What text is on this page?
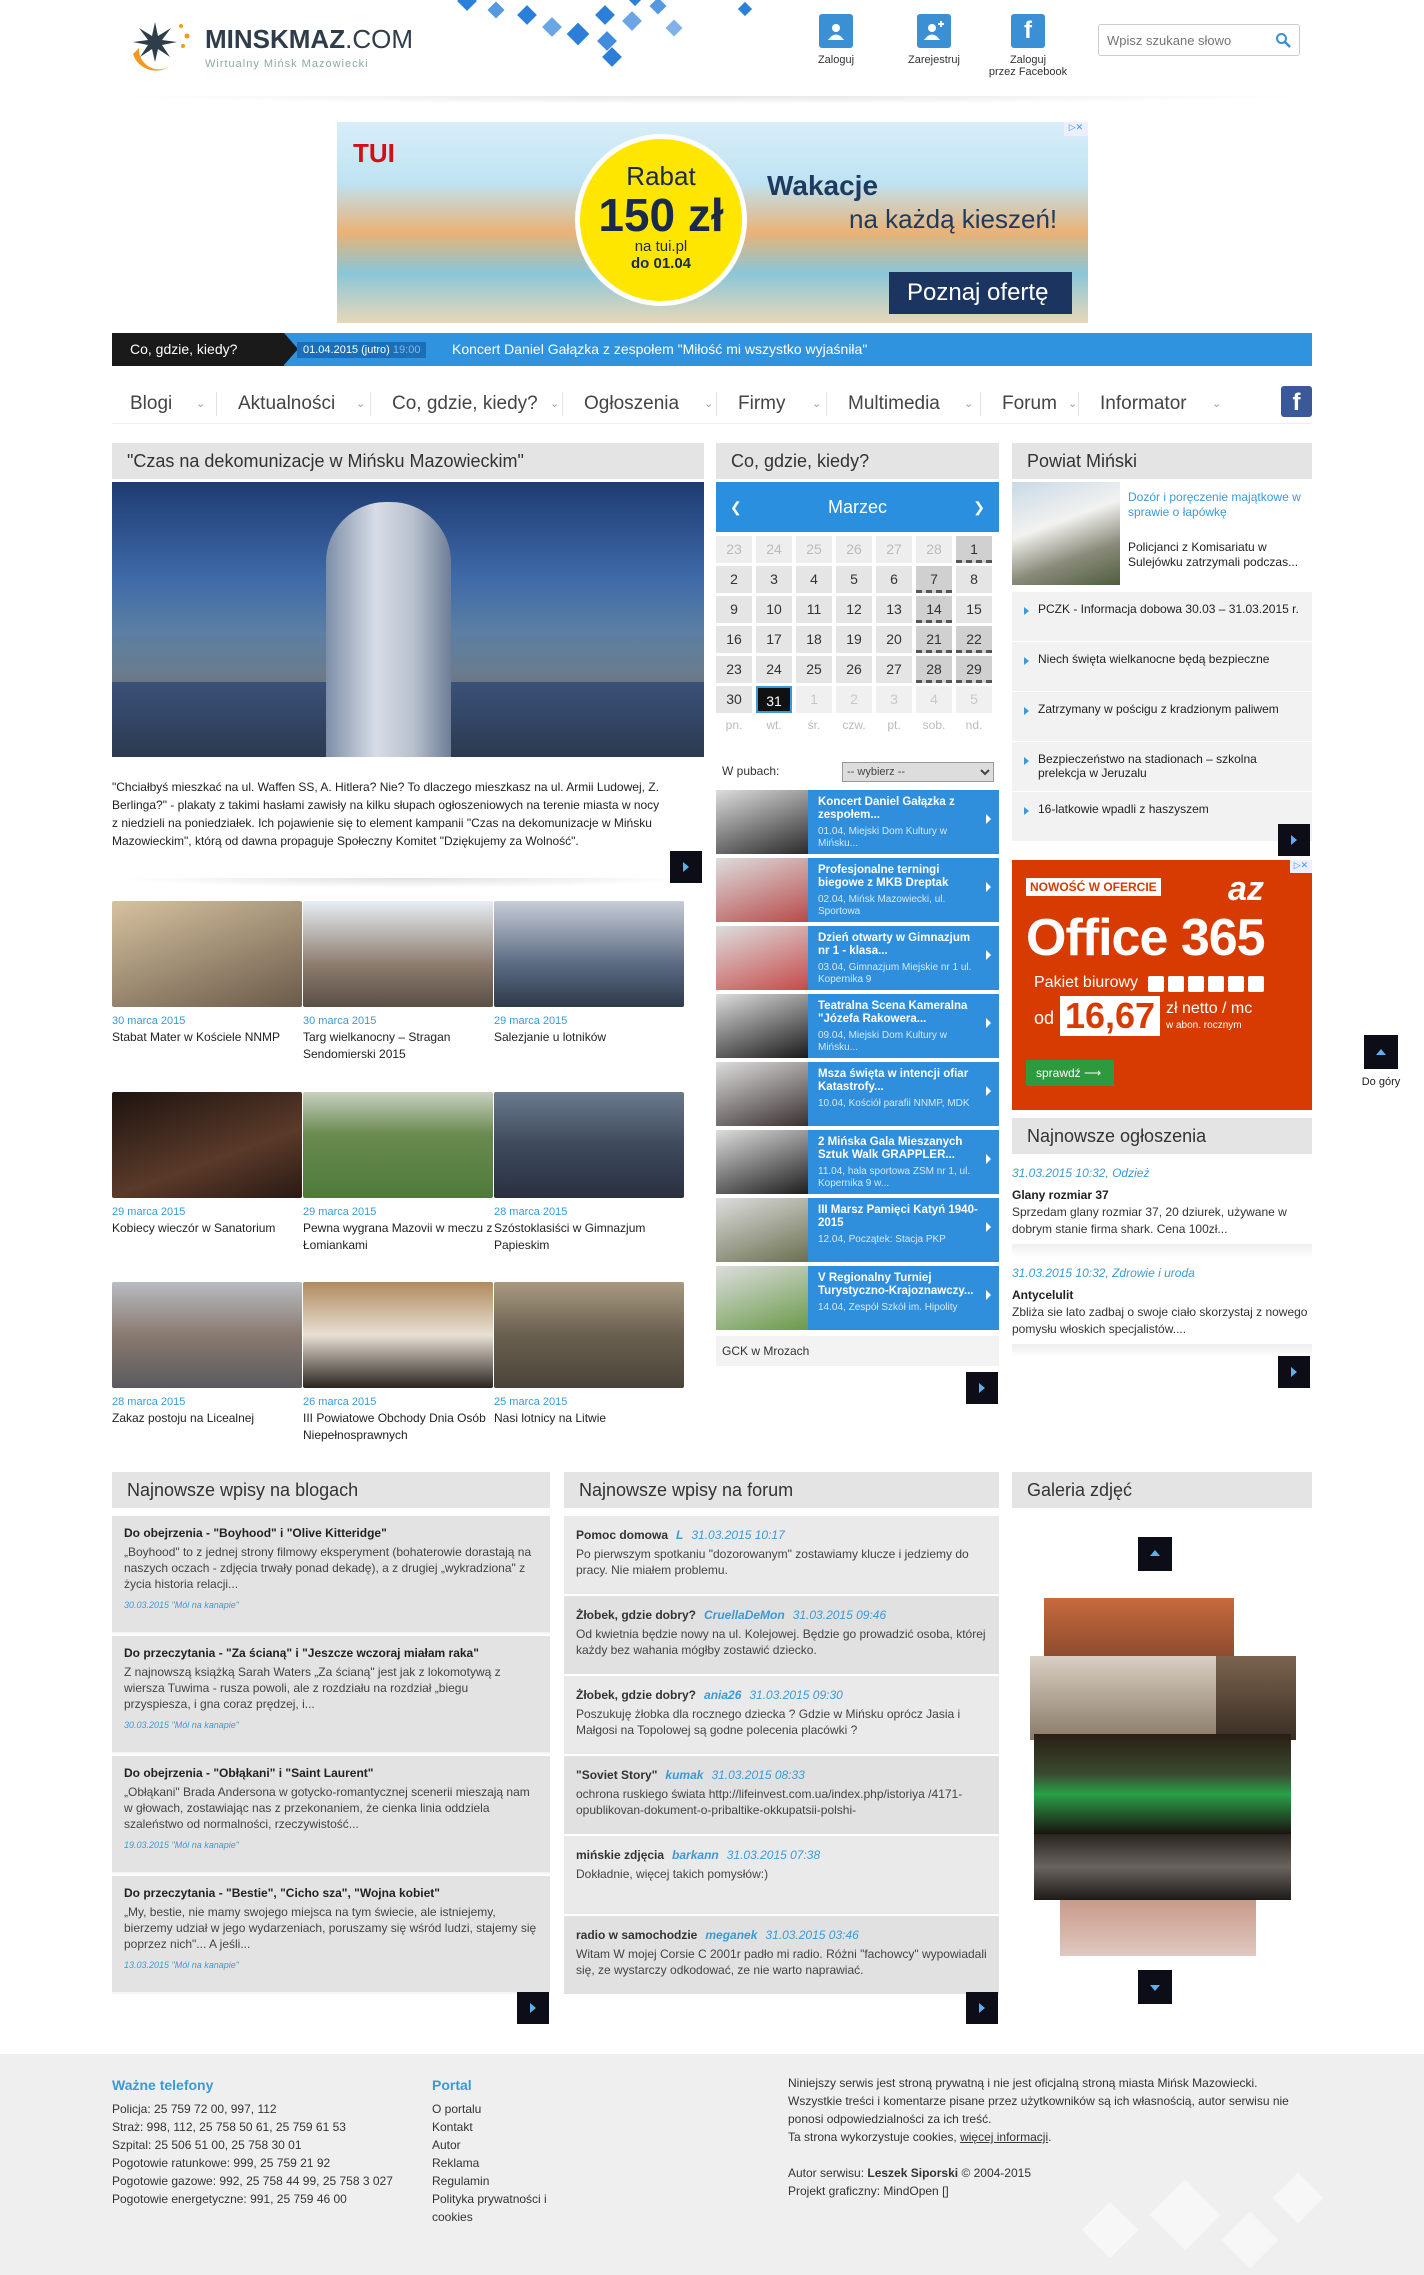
MINSKMAZ.COM
Wirtualny Mińsk Mazowiecki	Zaloguj	Zarejestruj
f
Zaloguj
przez Facebook
Wpisz szukane słowo
TUI
Rabat
150 zł
na tui.pl
do 01.04
Wakacje
na każdą kieszeń!
Poznaj ofertę
▷✕
Co, gdzie, kiedy?	01.04.2015 (jutro) 19:00	Koncert Daniel Gałązka z zespołem "Miłość mi wszystko wyjaśniła"
Blogi ⌄	Aktualności ⌄	Co, gdzie, kiedy? ⌄	Ogłoszenia ⌄	Firmy ⌄	Multimedia ⌄	Forum ⌄	Informator ⌄	f
"Czas na dekomunizacje w Mińsku Mazowieckim"
"Chciałbyś mieszkać na ul. Waffen SS, A. Hitlera? Nie? To dlaczego mieszkasz na ul. Armii Ludowej, Z. Berlinga?" - plakaty z takimi hasłami zawisły na kilku słupach ogłoszeniowych na terenie miasta w nocy z niedzieli na poniedziałek. Ich pojawienie się to element kampanii "Czas na dekomunizacje w Mińsku Mazowieckim", którą od dawna propaguje Społeczny Komitet "Dziękujemy za Wolność".
30 marca 2015
Stabat Mater w Kościele NNMP
30 marca 2015
Targ wielkanocny – Stragan Sendomierski 2015
29 marca 2015
Salezjanie u lotników
29 marca 2015
Kobiecy wieczór w Sanatorium
29 marca 2015
Pewna wygrana Mazovii w meczu z Łomiankami
28 marca 2015
Szóstoklasiści w Gimnazjum Papieskim
28 marca 2015
Zakaz postoju na Licealnej
26 marca 2015
III Powiatowe Obchody Dnia Osób Niepełnosprawnych
25 marca 2015
Nasi lotnicy na Litwie
Co, gdzie, kiedy?
❮	Marzec	❯
23	24	25	26	27	28	1
2	3	4	5	6	7	8
9	10	11	12	13	14	15
16	17	18	19	20	21	22
23	24	25	26	27	28	29
30	31	1	2	3	4	5
pn.	wt.	śr.	czw.	pt.	sob.	nd.
W pubach:
-- wybierz --
Koncert Daniel Gałązka z zespołem...
01.04, Miejski Dom Kultury w Mińsku...
Profesjonalne terningi biegowe z MKB Dreptak
02.04, Mińsk Mazowiecki, ul. Sportowa
Dzień otwarty w Gimnazjum nr 1 - klasa...
03.04, Gimnazjum Miejskie nr 1 ul. Kopernika 9
Teatralna Scena Kameralna "Józefa Rakowera...
09.04, Miejski Dom Kultury w Mińsku...
Msza święta w intencji ofiar Katastrofy...
10.04, Kościół parafii NNMP, MDK
2 Mińska Gala Mieszanych Sztuk Walk GRAPPLER...
11.04, hala sportowa ZSM nr 1, ul. Kopernika 9 w...
III Marsz Pamięci Katyń 1940-2015
12.04, Początek: Stacja PKP
V Regionalny Turniej Turystyczno-Krajoznawczy...
14.04, Zespół Szkół im. Hipolity
GCK w Mrozach
Powiat Miński
Dozór i poręczenie majątkowe w sprawie o łapówkę
Policjanci z Komisariatu w Sulejówku zatrzymali podczas...
PCZK - Informacja dobowa 30.03 – 31.03.2015 r.
Niech święta wielkanocne będą bezpieczne
Zatrzymany w pościgu z kradzionym paliwem
Bezpieczeństwo na stadionach – szkolna prelekcja w Jeruzalu
16-latkowie wpadli z haszyszem
NOWOŚĆ W OFERCIE az
Office 365
Pakiet biurowy
od 16,67 zł netto / mc
w abon. rocznym
sprawdź ⟶
▷✕
Najnowsze ogłoszenia
31.03.2015 10:32, Odzież
Glany rozmiar 37
Sprzedam glany rozmiar 37, 20 dziurek, używane w dobrym stanie firma shark. Cena 100zł...
31.03.2015 10:32, Zdrowie i uroda
Antycelulit
Zbliża sie lato zadbaj o swoje ciało skorzystaj z nowego pomysłu włoskich specjalistów....
Do góry
Najnowsze wpisy na blogach
Do obejrzenia - "Boyhood" i "Olive Kitteridge"
„Boyhood" to z jednej strony filmowy eksperyment (bohaterowie dorastają na naszych oczach - zdjęcia trwały ponad dekadę), a z drugiej „wykradziona" z życia historia relacji...
30.03.2015 "Mól na kanapie"
Do przeczytania - "Za ścianą" i "Jeszcze wczoraj miałam raka"
Z najnowszą książką Sarah Waters „Za ścianą" jest jak z lokomotywą z wiersza Tuwima - rusza powoli, ale z rozdziału na rozdział „biegu przyspiesza, i gna coraz prędzej, i...
30.03.2015 "Mól na kanapie"
Do obejrzenia - "Obłąkani" i "Saint Laurent"
„Obłąkani" Brada Andersona w gotycko-romantycznej scenerii mieszają nam w głowach, zostawiając nas z przekonaniem, że cienka linia oddziela szaleństwo od normalności, rzeczywistość...
19.03.2015 "Mól na kanapie"
Do przeczytania - "Bestie", "Cicho sza", "Wojna kobiet"
„My, bestie, nie mamy swojego miejsca na tym świecie, ale istniejemy, bierzemy udział w jego wydarzeniach, poruszamy się wśród ludzi, stajemy się poprzez nich"... A jeśli...
13.03.2015 "Mól na kanapie"
Najnowsze wpisy na forum
Pomoc domowa L 31.03.2015 10:17
Po pierwszym spotkaniu "dozorowanym" zostawiamy klucze i jedziemy do pracy. Nie miałem problemu.
Żłobek, gdzie dobry? CruellaDeMon 31.03.2015 09:46
Od kwietnia będzie nowy na ul. Kolejowej. Będzie go prowadzić osoba, której każdy bez wahania mógłby zostawić dziecko.
Żłobek, gdzie dobry? ania26 31.03.2015 09:30
Poszukuję żłobka dla rocznego dziecka ? Gdzie w Mińsku oprócz Jasia i Małgosi na Topolowej są godne polecenia placówki ?
"Soviet Story" kumak 31.03.2015 08:33
ochrona ruskiego świata http://lifeinvest.com.ua/index.php/istoriya /4171-opublikovan-dokument-o-pribaltike-okkupatsii-polshi-
mińskie zdjęcia barkann 31.03.2015 07:38
Dokładnie, więcej takich pomysłów:)
radio w samochodzie meganek 31.03.2015 03:46
Witam W mojej Corsie C 2001r padło mi radio. Różni "fachowcy" wypowiadali się, ze wystarczy odkodować, ze nie warto naprawiać.
Galeria zdjęć
Ważne telefony
Policja: 25 759 72 00, 997, 112
Straż: 998, 112, 25 758 50 61, 25 759 61 53
Szpital: 25 506 51 00, 25 758 30 01
Pogotowie ratunkowe: 999, 25 759 21 92
Pogotowie gazowe: 992, 25 758 44 99, 25 758 3 027
Pogotowie energetyczne: 991, 25 759 46 00
Portal
O portalu
Kontakt
Autor
Reklama
Regulamin
Polityka prywatności i cookies
Niniejszy serwis jest stroną prywatną i nie jest oficjalną stroną miasta Mińsk Mazowiecki.
Wszystkie treści i komentarze pisane przez użytkowników są ich własnością, autor serwisu nie ponosi odpowiedzialności za ich treść.
Ta strona wykorzystuje cookies, więcej informacji.
Autor serwisu: Leszek Siporski © 2004-2015
Projekt graficzny: MindOpen []
